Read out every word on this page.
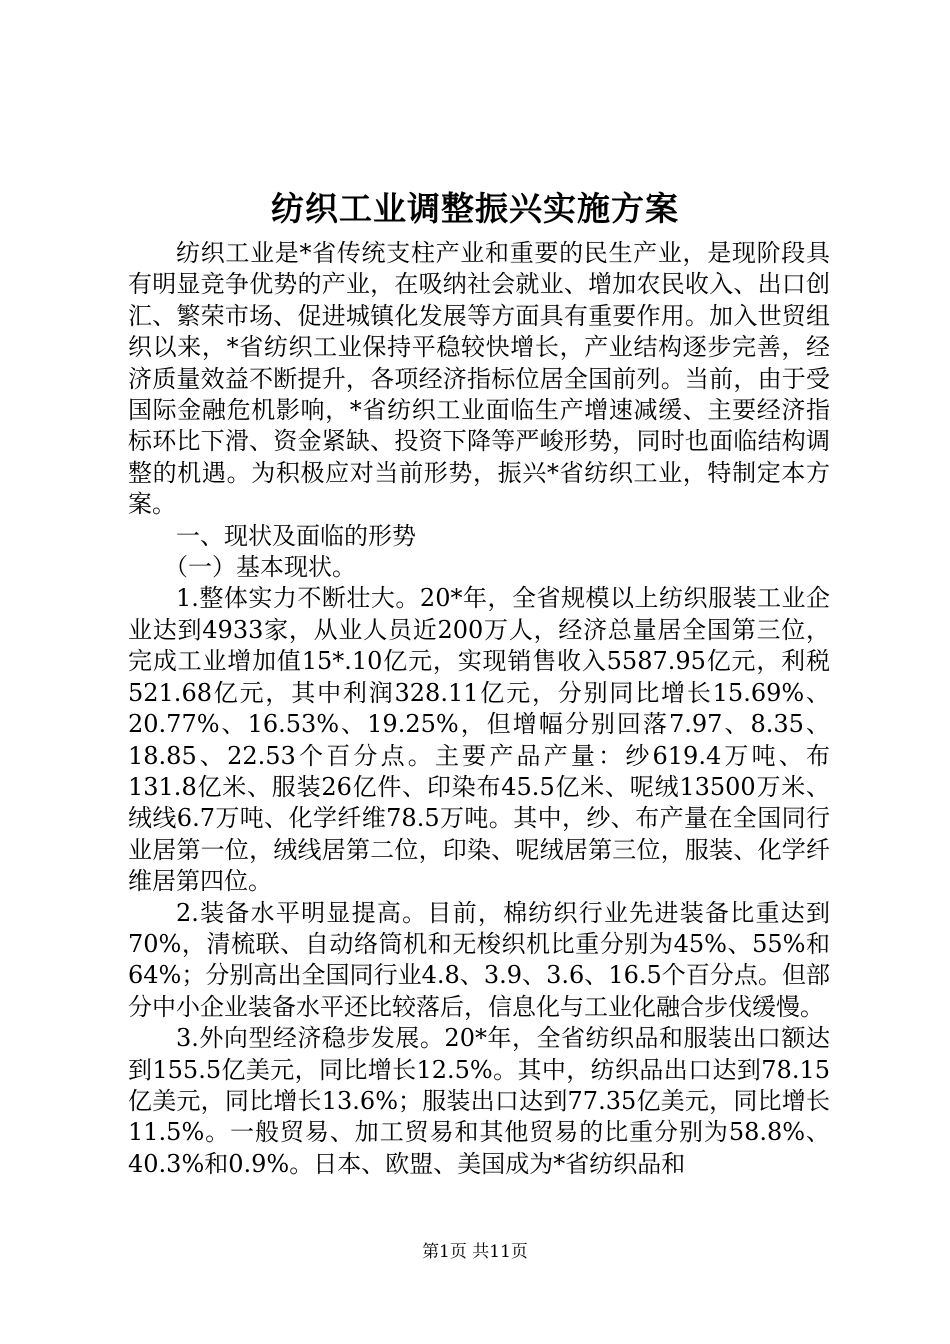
纺织工业调整振兴实施方案

纺织工业是*省传统支柱产业和重要的民生产业，是现阶段具有明显竞争优势的产业，在吸纳社会就业、增加农民收入、出口创汇、繁荣市场、促进城镇化发展等方面具有重要作用。加入世贸组织以来，*省纺织工业保持平稳较快增长，产业结构逐步完善，经济质量效益不断提升，各项经济指标位居全国前列。当前，由于受国际金融危机影响，*省纺织工业面临生产增速减缓、主要经济指标环比下滑、资金紧缺、投资下降等严峻形势，同时也面临结构调整的机遇。为积极应对当前形势，振兴*省纺织工业，特制定本方案。

一、现状及面临的形势

（一）基本现状。

1.整体实力不断壮大。20*年，全省规模以上纺织服装工业企业达到4933家，从业人员近200万人，经济总量居全国第三位，完成工业增加值15*.10亿元，实现销售收入5587.95亿元，利税521.68亿元，其中利润328.11亿元，分别同比增长15.69%、20.77%、16.53%、19.25%，但增幅分别回落7.97、8.35、18.85、22.53个百分点。主要产品产量：纱619.4万吨、布131.8亿米、服装26亿件、印染布45.5亿米、呢绒13500万米、绒线6.7万吨、化学纤维78.5万吨。其中，纱、布产量在全国同行业居第一位，绒线居第二位，印染、呢绒居第三位，服装、化学纤维居第四位。

2.装备水平明显提高。目前，棉纺织行业先进装备比重达到70%，清梳联、自动络筒机和无梭织机比重分别为45%、55%和64%；分别高出全国同行业4.8、3.9、3.6、16.5个百分点。但部分中小企业装备水平还比较落后，信息化与工业化融合步伐缓慢。

3.外向型经济稳步发展。20*年，全省纺织品和服装出口额达到155.5亿美元，同比增长12.5%。其中，纺织品出口达到78.15亿美元，同比增长13.6%；服装出口达到77.35亿美元，同比增长11.5%。一般贸易、加工贸易和其他贸易的比重分别为58.8%、40.3%和0.9%。日本、欧盟、美国成为*省纺织品和

第1页 共11页
